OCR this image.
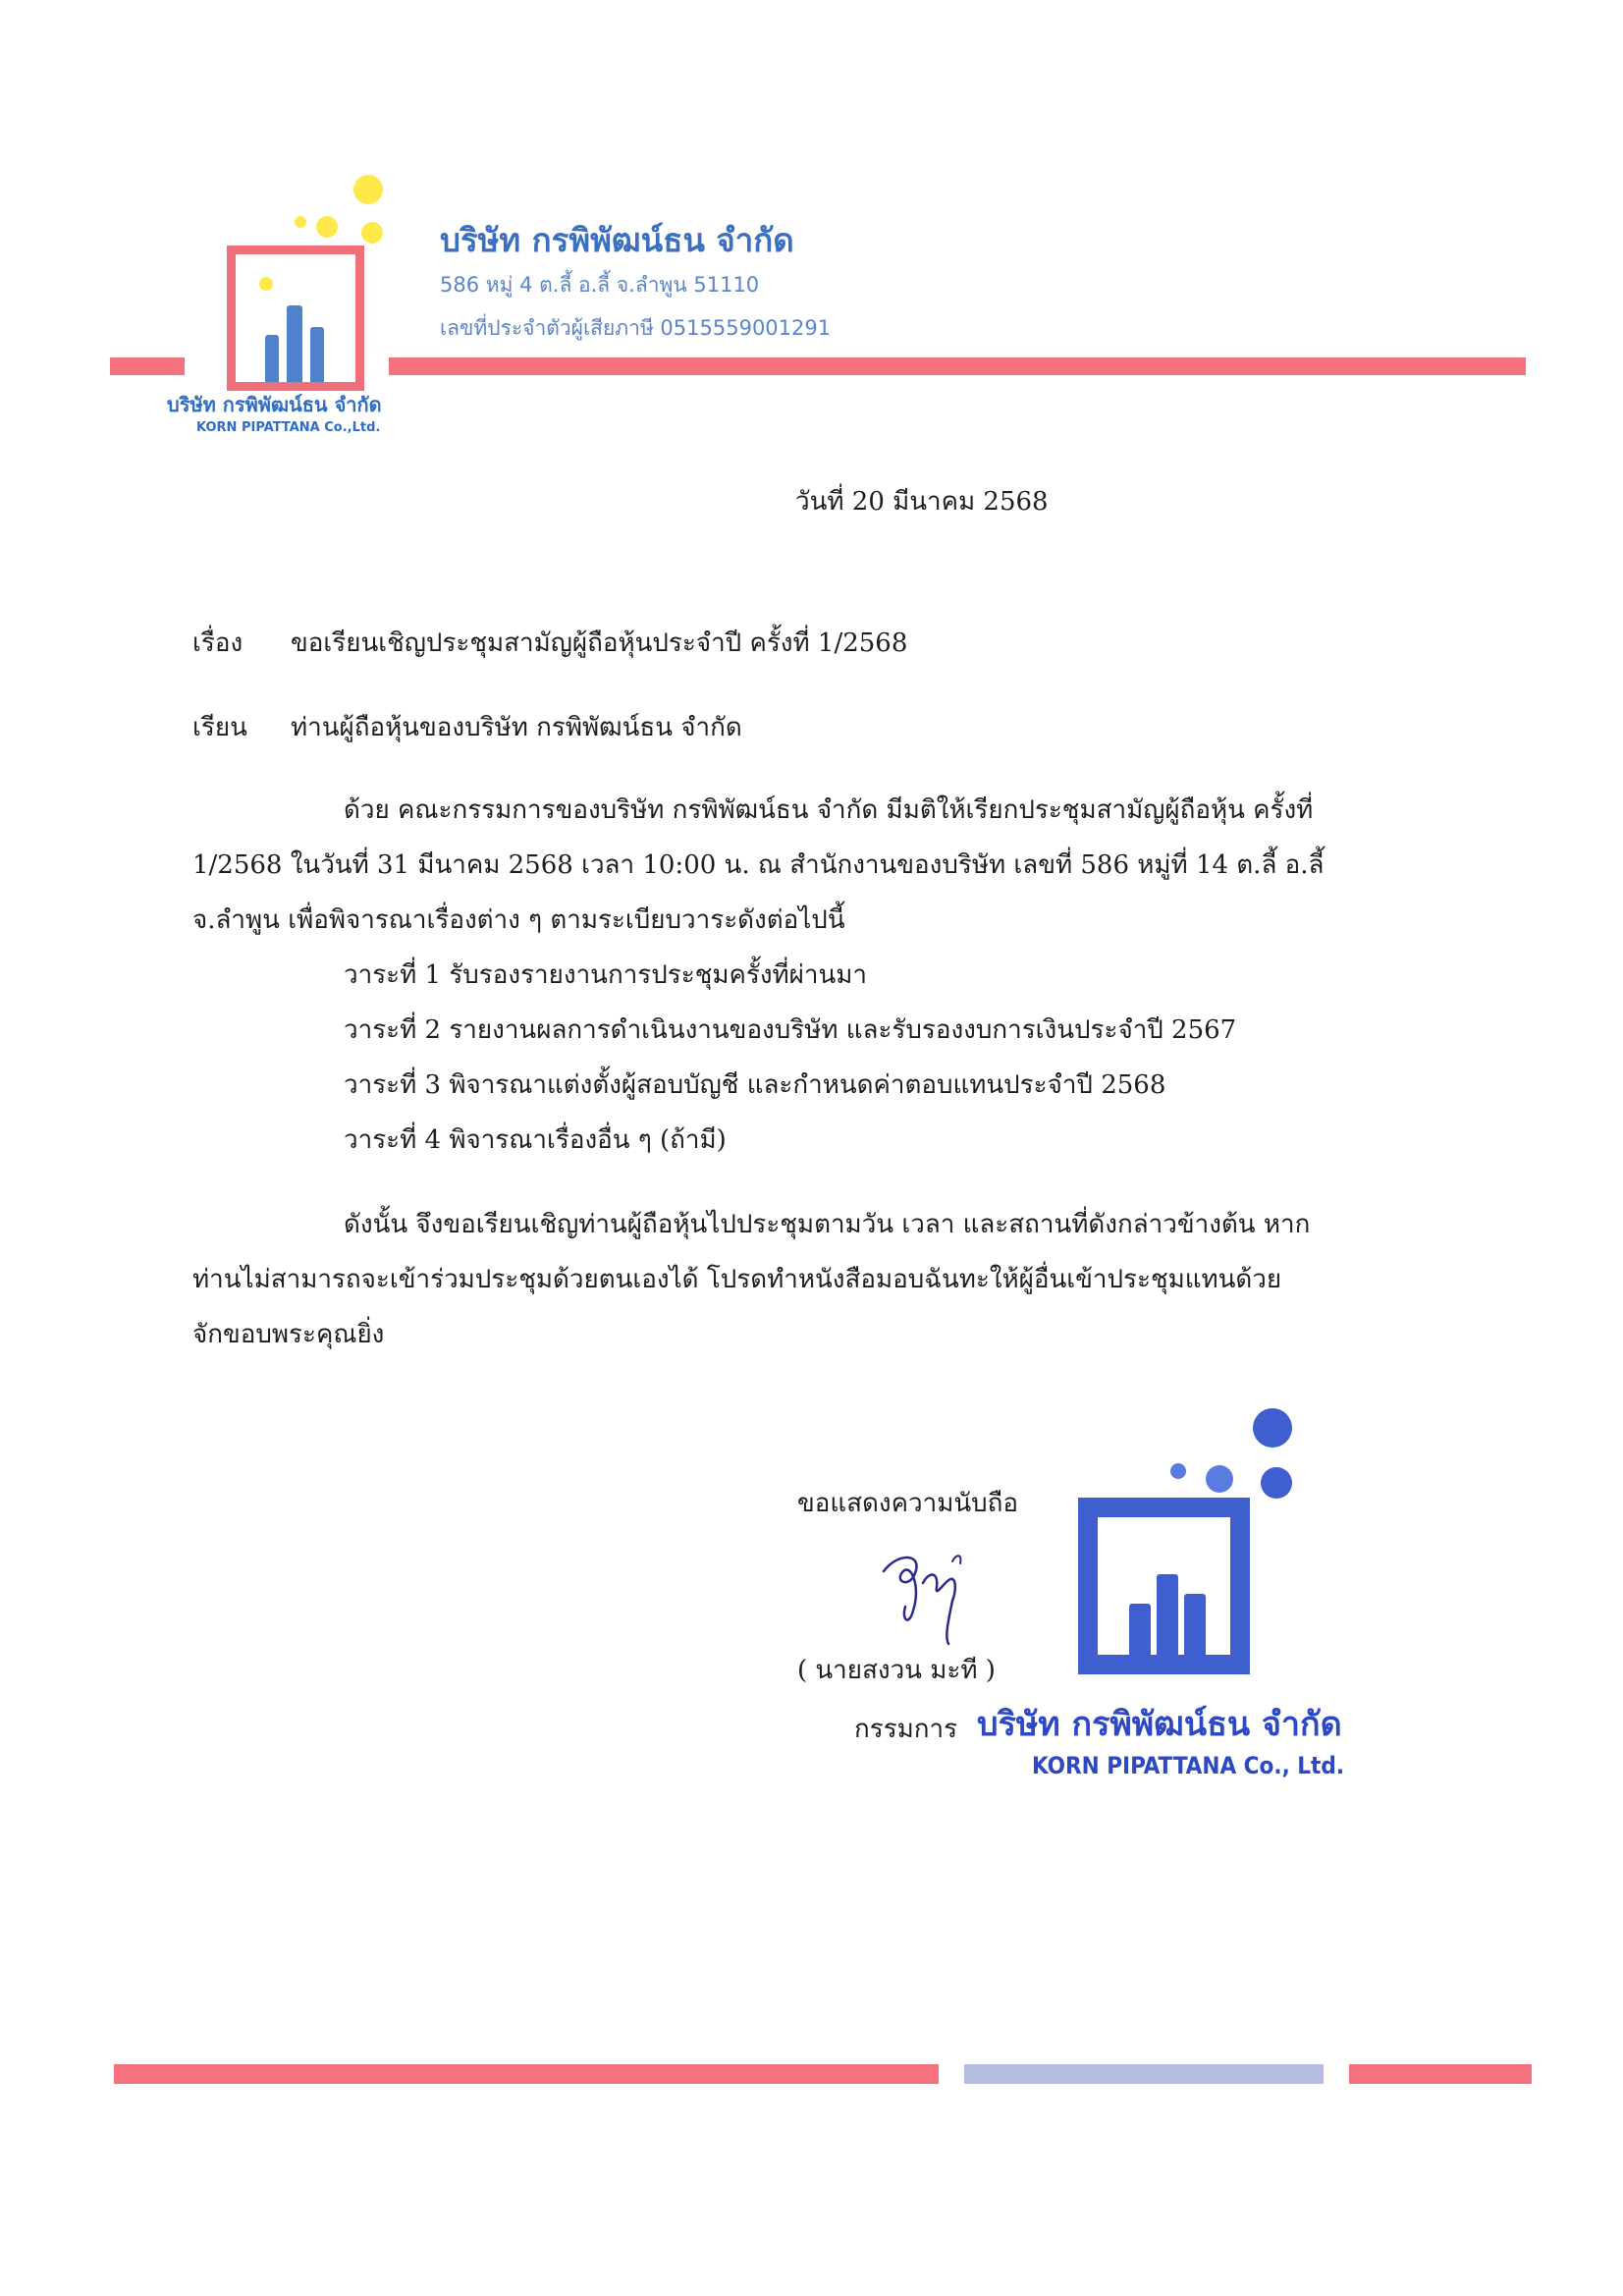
บริษัท กรพิพัฒน์ธน จำกัด
586 หมู่ 4 ต.ลี้ อ.ลี้ จ.ลำพูน 51110
เลขที่ประจำตัวผู้เสียภาษี 0515559001291
บริษัท กรพิพัฒน์ธน จำกัด
KORN PIPATTANA Co.,Ltd.
วันที่ 20 มีนาคม 2568
เรื่อง ขอเรียนเชิญประชุมสามัญผู้ถือหุ้นประจำปี ครั้งที่ 1/2568
เรียน ท่านผู้ถือหุ้นของบริษัท กรพิพัฒน์ธน จำกัด
ด้วย คณะกรรมการของบริษัท กรพิพัฒน์ธน จำกัด มีมติให้เรียกประชุมสามัญผู้ถือหุ้น ครั้งที่
1/2568 ในวันที่ 31 มีนาคม 2568 เวลา 10:00 น. ณ สำนักงานของบริษัท เลขที่ 586 หมู่ที่ 14 ต.ลี้ อ.ลี้
จ.ลำพูน เพื่อพิจารณาเรื่องต่าง ๆ ตามระเบียบวาระดังต่อไปนี้
วาระที่ 1 รับรองรายงานการประชุมครั้งที่ผ่านมา
วาระที่ 2 รายงานผลการดำเนินงานของบริษัท และรับรองงบการเงินประจำปี 2567
วาระที่ 3 พิจารณาแต่งตั้งผู้สอบบัญชี และกำหนดค่าตอบแทนประจำปี 2568
วาระที่ 4 พิจารณาเรื่องอื่น ๆ (ถ้ามี)
ดังนั้น จึงขอเรียนเชิญท่านผู้ถือหุ้นไปประชุมตามวัน เวลา และสถานที่ดังกล่าวข้างต้น หาก
ท่านไม่สามารถจะเข้าร่วมประชุมด้วยตนเองได้ โปรดทำหนังสือมอบฉันทะให้ผู้อื่นเข้าประชุมแทนด้วย
จักขอบพระคุณยิ่ง
ขอแสดงความนับถือ
( นายสงวน มะที )
กรรมการ บริษัท กรพิพัฒน์ธน จำกัด
KORN PIPATTANA Co., Ltd.
